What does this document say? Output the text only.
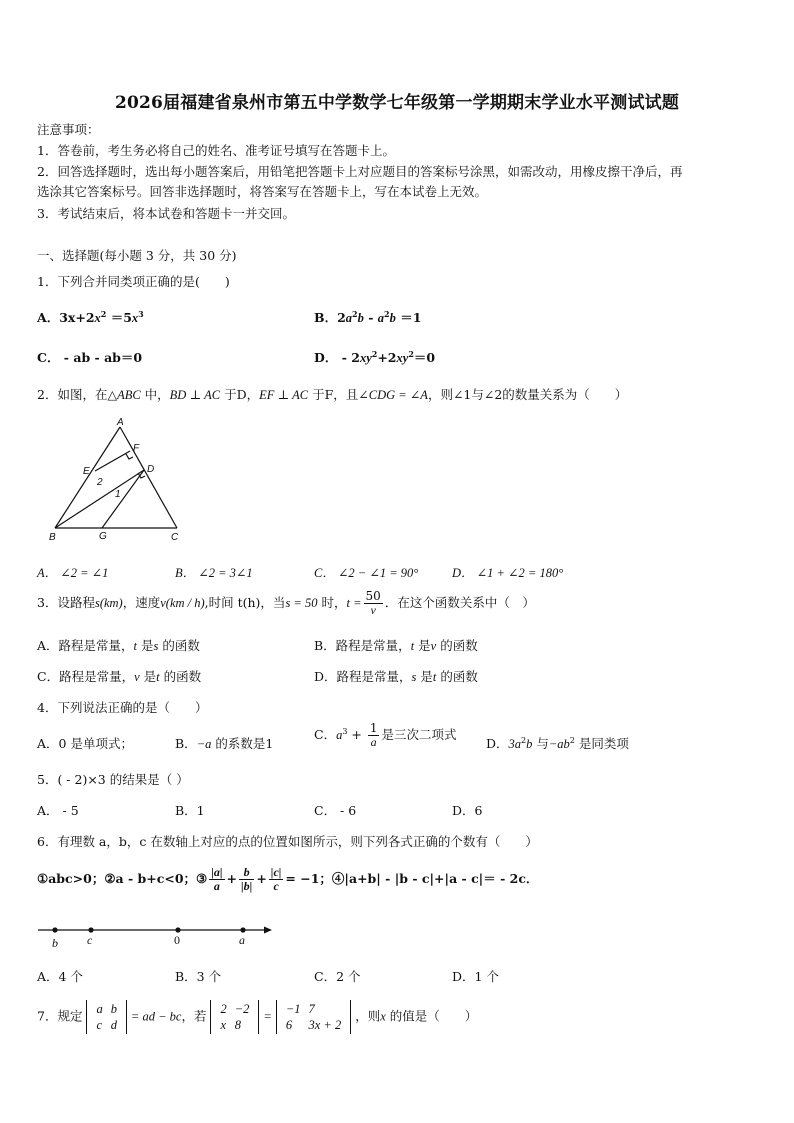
2026届福建省泉州市第五中学数学七年级第一学期期末学业水平测试试题
注意事项：
1．答卷前，考生务必将自己的姓名、准考证号填写在答题卡上。
2．回答选择题时，选出每小题答案后，用铅笔把答题卡上对应题目的答案标号涂黑，如需改动，用橡皮擦干净后，再
选涂其它答案标号。回答非选择题时，将答案写在答题卡上，写在本试卷上无效。
3．考试结束后，将本试卷和答题卡一并交回。
一、选择题(每小题 3 分，共 30 分)
1．下列合并同类项正确的是(　　)
A．$3x+2x^2 =5x^3$	B．$2a^2b - a^2b =1$
C． - ab - ab＝0	D． - $2xy^2+2xy^2=0$
2．如图，在△ABC 中，BD ⊥ AC 于D，EF ⊥ AC 于F，且∠CDG = ∠A，则∠1与∠2的数量关系为（　　）
A
B	C
D
E
F
G
1
2
A． ∠2 = ∠1	B． ∠2 = 3∠1	C． ∠2 − ∠1 = 90°	D． ∠1 + ∠2 = 180°
3．设路程s(km)，速度v(km / h),时间 t(h)，当s = 50 时，$t = \frac{50}{v}$ ．在这个函数关系中（　）
A．路程是常量，t 是s 的函数	B．路程是常量，t 是v 的函数
C．路程是常量，v 是t 的函数	D．路程是常量，s 是t 的函数
4．下列说法正确的是（　　）
A．0 是单项式；	B．−a 的系数是1
C．$a^3 + \frac{1}{a}$ 是三次二项式
D．$3a^2b$ 与$-ab^2$ 是同类项
5．( - 2)×3 的结果是（ ）
A． - 5	B．1	C． - 6	D．6
6．有理数 a，b，c 在数轴上对应的点的位置如图所示，则下列各式正确的个数有（　　）
①abc>0；②a - b+c<0；③ $\frac{|a|}{a} + \frac{b}{|b|} + \frac{|c|}{c} = -1$；④|a+b| - |b - c|+|a - c|＝ - 2c．
b c	0	a
A．4 个	B．3 个	C．2 个	D．1 个
7．规定 a	b
c	d
= ad − bc，若 2	−2
x	8
=
−1	7
6	3x + 2
，则x 的值是（　　）
